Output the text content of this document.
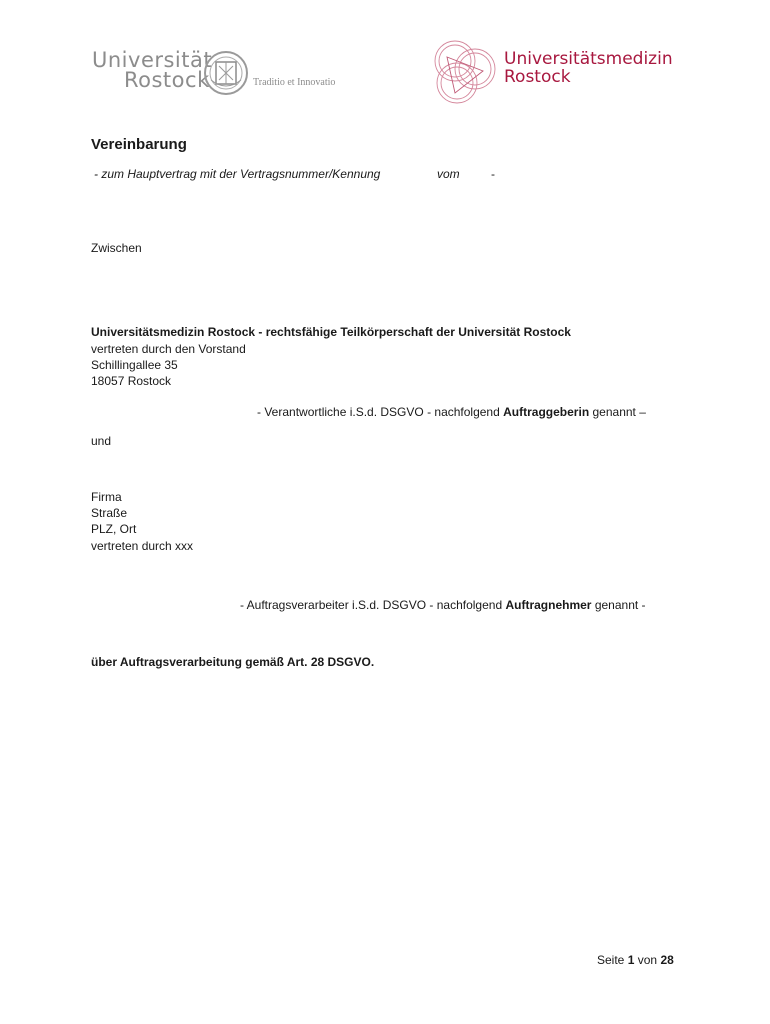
Universität
Rostock	Traditio et Innovatio
Universitätsmedizin
Rostock
Vereinbarung
- zum Hauptvertrag mit der Vertragsnummer/Kennung	vom	-
Zwischen
Universitätsmedizin Rostock - rechtsfähige Teilkörperschaft der Universität Rostock
vertreten durch den Vorstand
Schillingallee 35
18057 Rostock
- Verantwortliche i.S.d. DSGVO - nachfolgend Auftraggeberin genannt –
und
Firma
Straße
PLZ, Ort
vertreten durch xxx
- Auftragsverarbeiter i.S.d. DSGVO - nachfolgend Auftragnehmer genannt -
über Auftragsverarbeitung gemäß Art. 28 DSGVO.
Seite 1 von 28
